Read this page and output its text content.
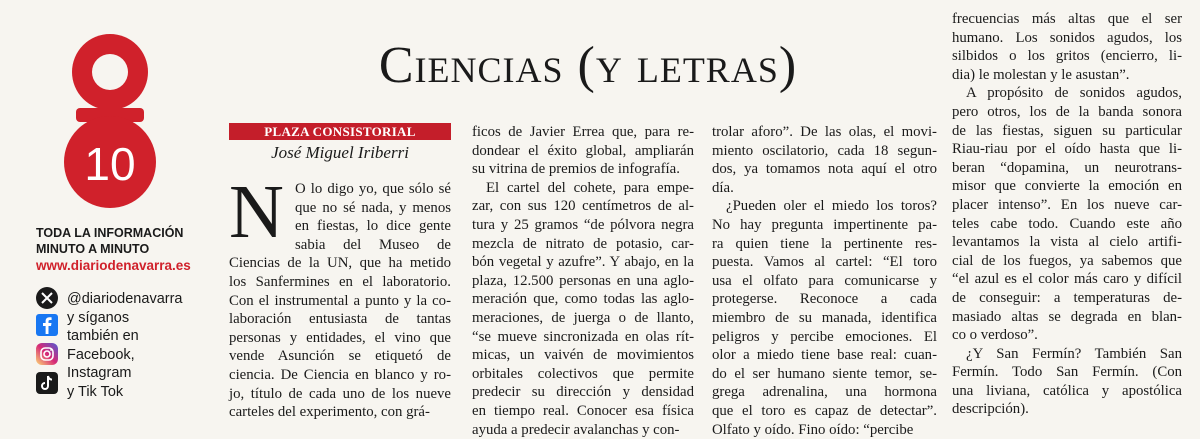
10
TODA LA INFORMACIÓN
MINUTO A MINUTO
www.diariodenavarra.es
@diariodenavarra
y síganos
también en
Facebook,
Instagram
y Tik Tok
Ciencias (y letras)
PLAZA CONSISTORIAL
José Miguel Iriberri
N O lo digo yo, que sólo sé
que no sé nada, y menos
en fiestas, lo dice gente
sabia del Museo de
Ciencias de la UN, que ha metido
los Sanfermines en el laboratorio.
Con el instrumental a punto y la co-
laboración entusiasta de tantas
personas y entidades, el vino que
vende Asunción se etiquetó de
ciencia. De Ciencia en blanco y ro-
jo, título de cada uno de los nueve
carteles del experimento, con grá-
ficos de Javier Errea que, para re-
dondear el éxito global, ampliarán
su vitrina de premios de infografía.
El cartel del cohete, para empe-
zar, con sus 120 centímetros de al-
tura y 25 gramos “de pólvora negra
mezcla de nitrato de potasio, car-
bón vegetal y azufre”. Y abajo, en la
plaza, 12.500 personas en una aglo-
meración que, como todas las aglo-
meraciones, de juerga o de llanto,
“se mueve sincronizada en olas rít-
micas, un vaivén de movimientos
orbitales colectivos que permite
predecir su dirección y densidad
en tiempo real. Conocer esa física
ayuda a predecir avalanchas y con-
trolar aforo”. De las olas, el movi-
miento oscilatorio, cada 18 segun-
dos, ya tomamos nota aquí el otro
día.
¿Pueden oler el miedo los toros?
No hay pregunta impertinente pa-
ra quien tiene la pertinente res-
puesta. Vamos al cartel: “El toro
usa el olfato para comunicarse y
protegerse. Reconoce a cada
miembro de su manada, identifica
peligros y percibe emociones. El
olor a miedo tiene base real: cuan-
do el ser humano siente temor, se-
grega adrenalina, una hormona
que el toro es capaz de detectar”.
Olfato y oído. Fino oído: “percibe
frecuencias más altas que el ser
humano. Los sonidos agudos, los
silbidos o los gritos (encierro, li-
dia) le molestan y le asustan”.
A propósito de sonidos agudos,
pero otros, los de la banda sonora
de las fiestas, siguen su particular
Riau-riau por el oído hasta que li-
beran “dopamina, un neurotrans-
misor que convierte la emoción en
placer intenso”. En los nueve car-
teles cabe todo. Cuando este año
levantamos la vista al cielo artifi-
cial de los fuegos, ya sabemos que
“el azul es el color más caro y difícil
de conseguir: a temperaturas de-
masiado altas se degrada en blan-
co o verdoso”.
¿Y San Fermín? También San
Fermín. Todo San Fermín. (Con
una liviana, católica y apostólica
descripción).
